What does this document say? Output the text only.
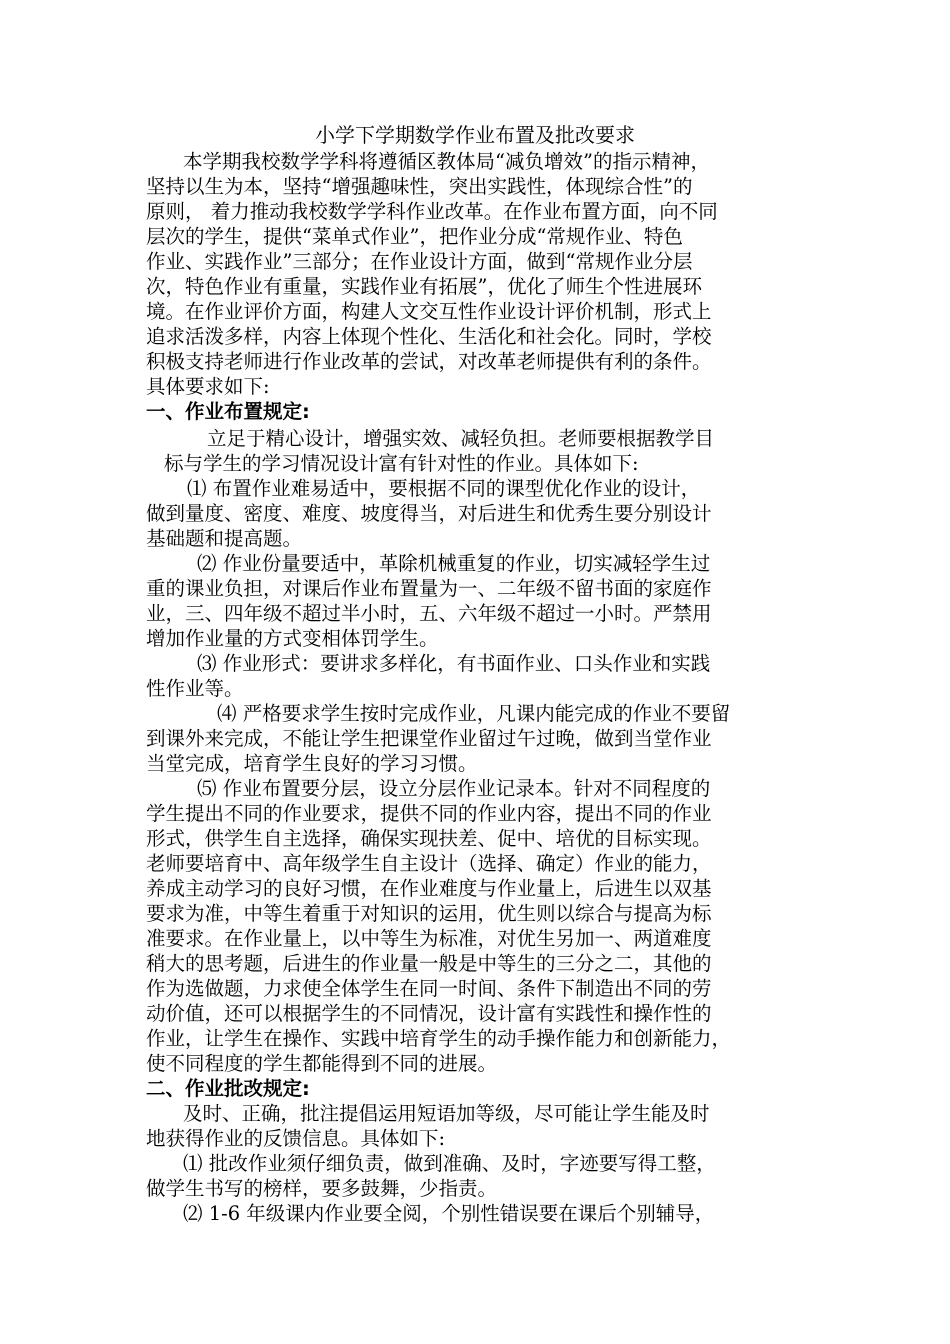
小学下学期数学作业布置及批改要求
本学期我校数学学科将遵循区教体局“减负增效”的指示精神，
坚持以生为本，坚持“增强趣味性，突出实践性，体现综合性”的
原则， 着力推动我校数学学科作业改革。在作业布置方面，向不同
层次的学生，提供“菜单式作业”，把作业分成“常规作业、特色
作业、实践作业”三部分；在作业设计方面，做到“常规作业分层
次，特色作业有重量，实践作业有拓展”，优化了师生个性进展环
境。在作业评价方面，构建人文交互性作业设计评价机制，形式上
追求活泼多样，内容上体现个性化、生活化和社会化。同时，学校
积极支持老师进行作业改革的尝试，对改革老师提供有利的条件。
具体要求如下:
一、作业布置规定:
立足于精心设计，增强实效、减轻负担。老师要根据教学目
标与学生的学习情况设计富有针对性的作业。具体如下:
⑴ 布置作业难易适中，要根据不同的课型优化作业的设计，
做到量度、密度、难度、坡度得当，对后进生和优秀生要分别设计
基础题和提高题。
⑵ 作业份量要适中，革除机械重复的作业，切实减轻学生过
重的课业负担，对课后作业布置量为一、二年级不留书面的家庭作
业，三、四年级不超过半小时，五、六年级不超过一小时。严禁用
增加作业量的方式变相体罚学生。
⑶ 作业形式：要讲求多样化，有书面作业、口头作业和实践
性作业等。
⑷ 严格要求学生按时完成作业，凡课内能完成的作业不要留
到课外来完成，不能让学生把课堂作业留过午过晚，做到当堂作业
当堂完成，培育学生良好的学习习惯。
⑸ 作业布置要分层，设立分层作业记录本。针对不同程度的
学生提出不同的作业要求，提供不同的作业内容，提出不同的作业
形式，供学生自主选择，确保实现扶差、促中、培优的目标实现。
老师要培育中、高年级学生自主设计（选择、确定）作业的能力，
养成主动学习的良好习惯，在作业难度与作业量上，后进生以双基
要求为准，中等生着重于对知识的运用，优生则以综合与提高为标
准要求。在作业量上，以中等生为标准，对优生另加一、两道难度
稍大的思考题，后进生的作业量一般是中等生的三分之二，其他的
作为选做题，力求使全体学生在同一时间、条件下制造出不同的劳
动价值，还可以根据学生的不同情况，设计富有实践性和操作性的
作业，让学生在操作、实践中培育学生的动手操作能力和创新能力，
使不同程度的学生都能得到不同的进展。
二、作业批改规定:
及时、正确，批注提倡运用短语加等级，尽可能让学生能及时
地获得作业的反馈信息。具体如下:
⑴ 批改作业须仔细负责，做到准确、及时，字迹要写得工整，
做学生书写的榜样，要多鼓舞，少指责。
⑵ 1-6 年级课内作业要全阅，个别性错误要在课后个别辅导，
